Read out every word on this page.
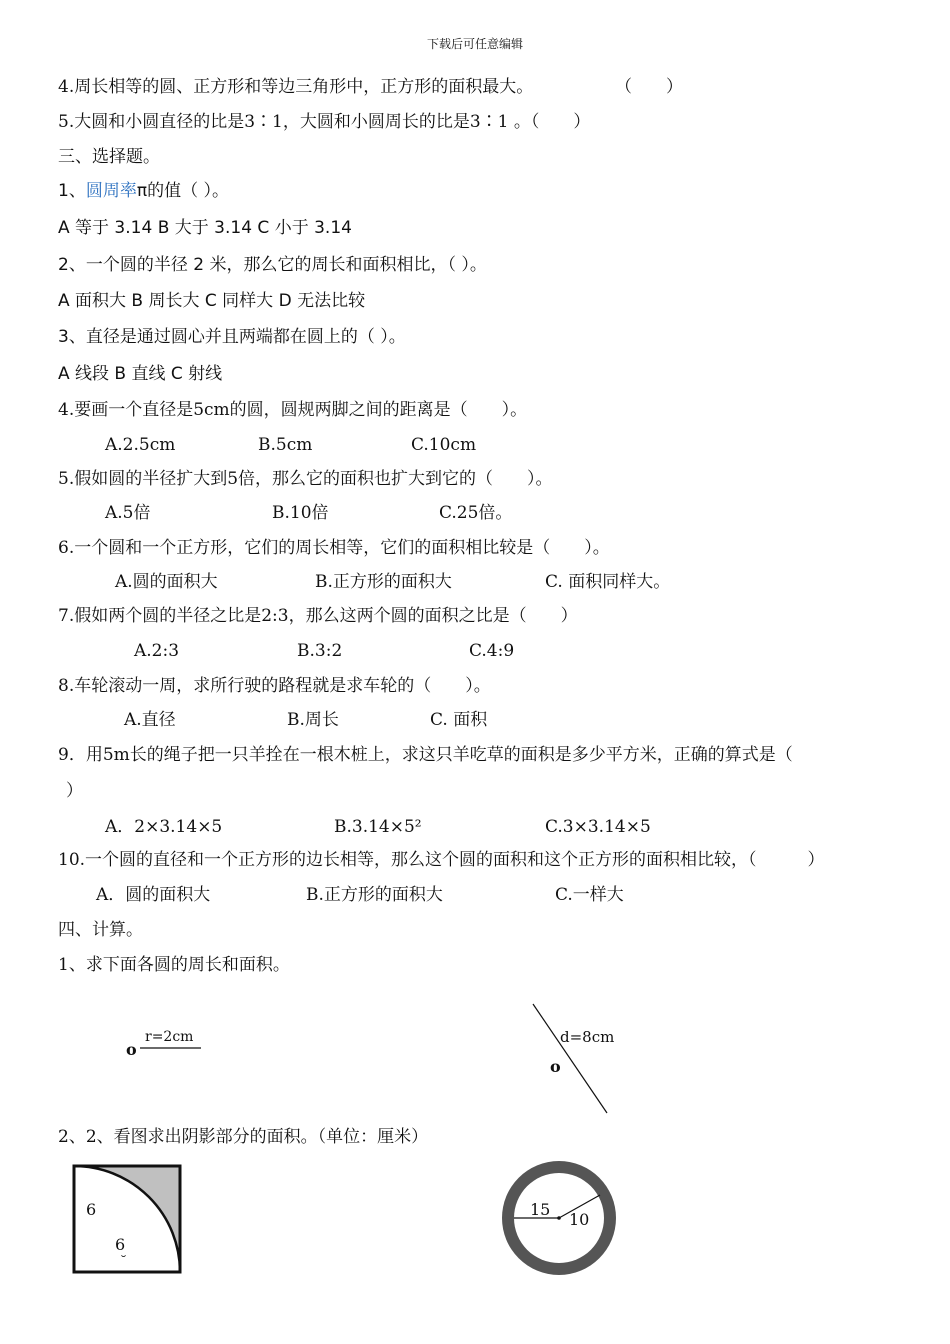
下载后可任意编辑
4.周长相等的圆、正方形和等边三角形中，正方形的面积最大。	（　　）
5.大圆和小圆直径的比是3∶1，大圆和小圆周长的比是3∶1 。（　　）
三、选择题。
1、圆周率π的值（ ）。
A 等于 3.14 B 大于 3.14 C 小于 3.14
2、一个圆的半径 2 米，那么它的周长和面积相比，（ ）。
A 面积大 B 周长大 C 同样大 D 无法比较
3、直径是通过圆心并且两端都在圆上的（ ）。
A 线段 B 直线 C 射线
4.要画一个直径是5cm的圆，圆规两脚之间的距离是（　　）。
A.2.5cm	B.5cm	C.10cm
5.假如圆的半径扩大到5倍，那么它的面积也扩大到它的（　　）。
A.5倍	B.10倍	C.25倍。
6.一个圆和一个正方形，它们的周长相等，它们的面积相比较是（　　）。
A.圆的面积大	B.正方形的面积大	C. 面积同样大。
7.假如两个圆的半径之比是2:3，那么这两个圆的面积之比是（　　）
A.2:3	B.3:2	C.4:9
8.车轮滚动一周，求所行驶的路程就是求车轮的（　　）。
A.直径	B.周长	C. 面积
9．用5m长的绳子把一只羊拴在一根木桩上，求这只羊吃草的面积是多少平方米，正确的算式是（
）
A．2×3.14×5	B.3.14×5²	C.3×3.14×5
10.一个圆的直径和一个正方形的边长相等，那么这个圆的面积和这个正方形的面积相比较，（　　　）
A．圆的面积大	B.正方形的面积大	C.一样大
四、计算。
1、求下面各圆的周长和面积。
o
r=2cm	d=8cm
o
2、2、看图求出阴影部分的面积。（单位：厘米）
6
6
˘
15
10
